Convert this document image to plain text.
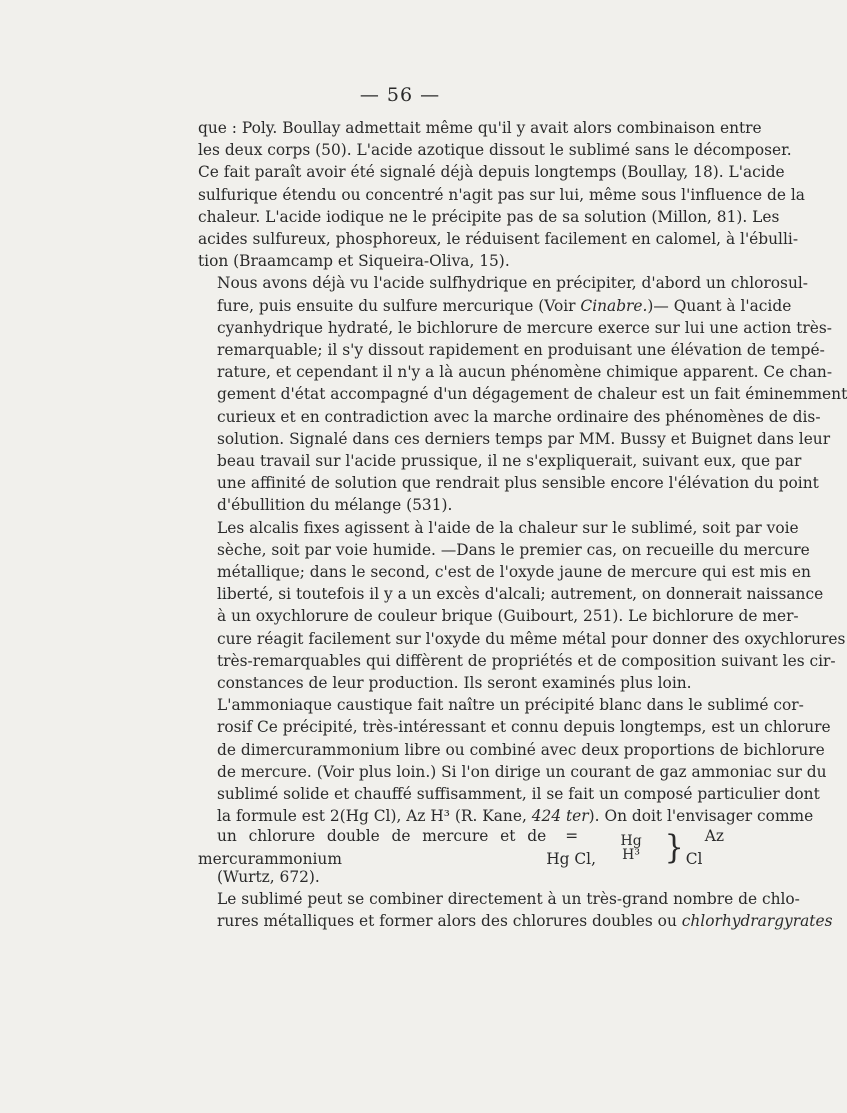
— 56 —
que : Poly. Boullay admettait même qu'il y avait alors combinaison entre
les deux corps (50). L'acide azotique dissout le sublimé sans le décomposer.
Ce fait paraît avoir été signalé déjà depuis longtemps (Boullay, 18). L'acide
sulfurique étendu ou concentré n'agit pas sur lui, même sous l'influence de la
chaleur. L'acide iodique ne le précipite pas de sa solution (Millon, 81). Les
acides sulfureux, phosphoreux, le réduisent facilement en calomel, à l'ébulli-
tion (Braamcamp et Siqueira-Oliva, 15).
Nous avons déjà vu l'acide sulfhydrique en précipiter, d'abord un chlorosul-
fure, puis ensuite du sulfure mercurique (Voir Cinabre.)— Quant à l'acide
cyanhydrique hydraté, le bichlorure de mercure exerce sur lui une action très-
remarquable; il s'y dissout rapidement en produisant une élévation de tempé-
rature, et cependant il n'y a là aucun phénomène chimique apparent. Ce chan-
gement d'état accompagné d'un dégagement de chaleur est un fait éminemment
curieux et en contradiction avec la marche ordinaire des phénomènes de dis-
solution. Signalé dans ces derniers temps par MM. Bussy et Buignet dans leur
beau travail sur l'acide prussique, il ne s'expliquerait, suivant eux, que par
une affinité de solution que rendrait plus sensible encore l'élévation du point
d'ébullition du mélange (531).
Les alcalis fixes agissent à l'aide de la chaleur sur le sublimé, soit par voie
sèche, soit par voie humide. —Dans le premier cas, on recueille du mercure
métallique; dans le second, c'est de l'oxyde jaune de mercure qui est mis en
liberté, si toutefois il y a un excès d'alcali; autrement, on donnerait naissance
à un oxychlorure de couleur brique (Guibourt, 251). Le bichlorure de mer-
cure réagit facilement sur l'oxyde du même métal pour donner des oxychlorures
très-remarquables qui diffèrent de propriétés et de composition suivant les cir-
constances de leur production. Ils seront examinés plus loin.
L'ammoniaque caustique fait naître un précipité blanc dans le sublimé cor-
rosif Ce précipité, très-intéressant et connu depuis longtemps, est un chlorure
de dimercurammonium libre ou combiné avec deux proportions de bichlorure
de mercure. (Voir plus loin.) Si l'on dirige un courant de gaz ammoniac sur du
sublimé solide et chauffé suffisamment, il se fait un composé particulier dont
la formule est 2(Hg Cl), Az H³ (R. Kane, 424 ter). On doit l'envisager comme
un chlorure double de mercure et de mercurammonium
= Hg Cl,
Hg
H³ }	Az Cl
(Wurtz, 672).
Le sublimé peut se combiner directement à un très-grand nombre de chlo-
rures métalliques et former alors des chlorures doubles ou chlorhydrargyrates
